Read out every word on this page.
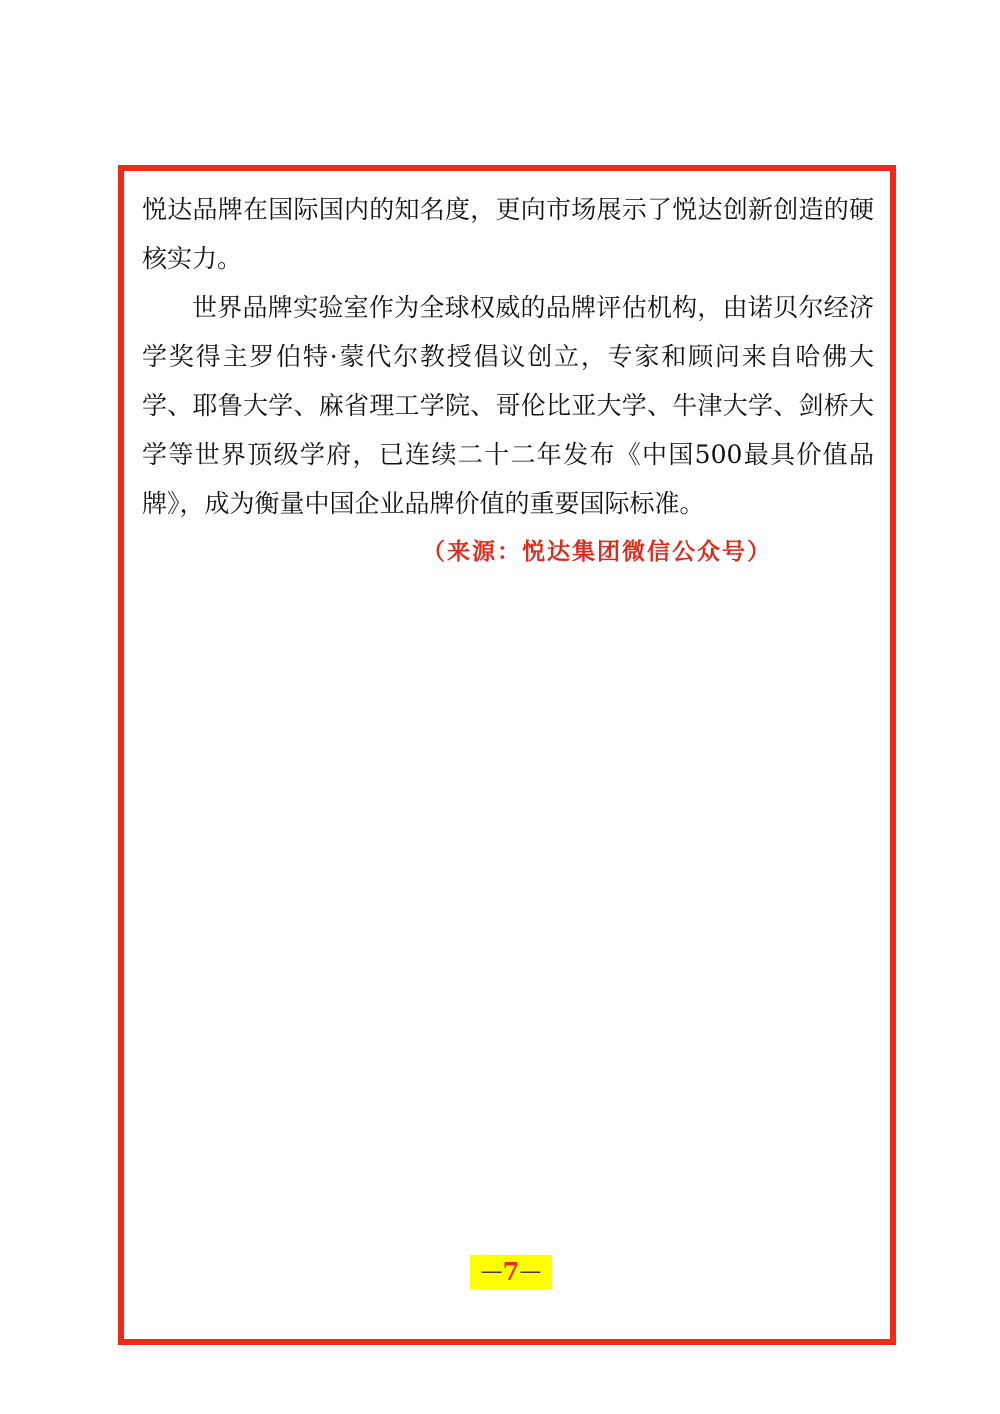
悦达品牌在国际国内的知名度，更向市场展示了悦达创新创造的硬核实力。

世界品牌实验室作为全球权威的品牌评估机构，由诺贝尔经济学奖得主罗伯特·蒙代尔教授倡议创立，专家和顾问来自哈佛大学、耶鲁大学、麻省理工学院、哥伦比亚大学、牛津大学、剑桥大学等世界顶级学府，已连续二十二年发布《中国500最具价值品牌》，成为衡量中国企业品牌价值的重要国际标准。

（来源：悦达集团微信公众号）

— 7 —
